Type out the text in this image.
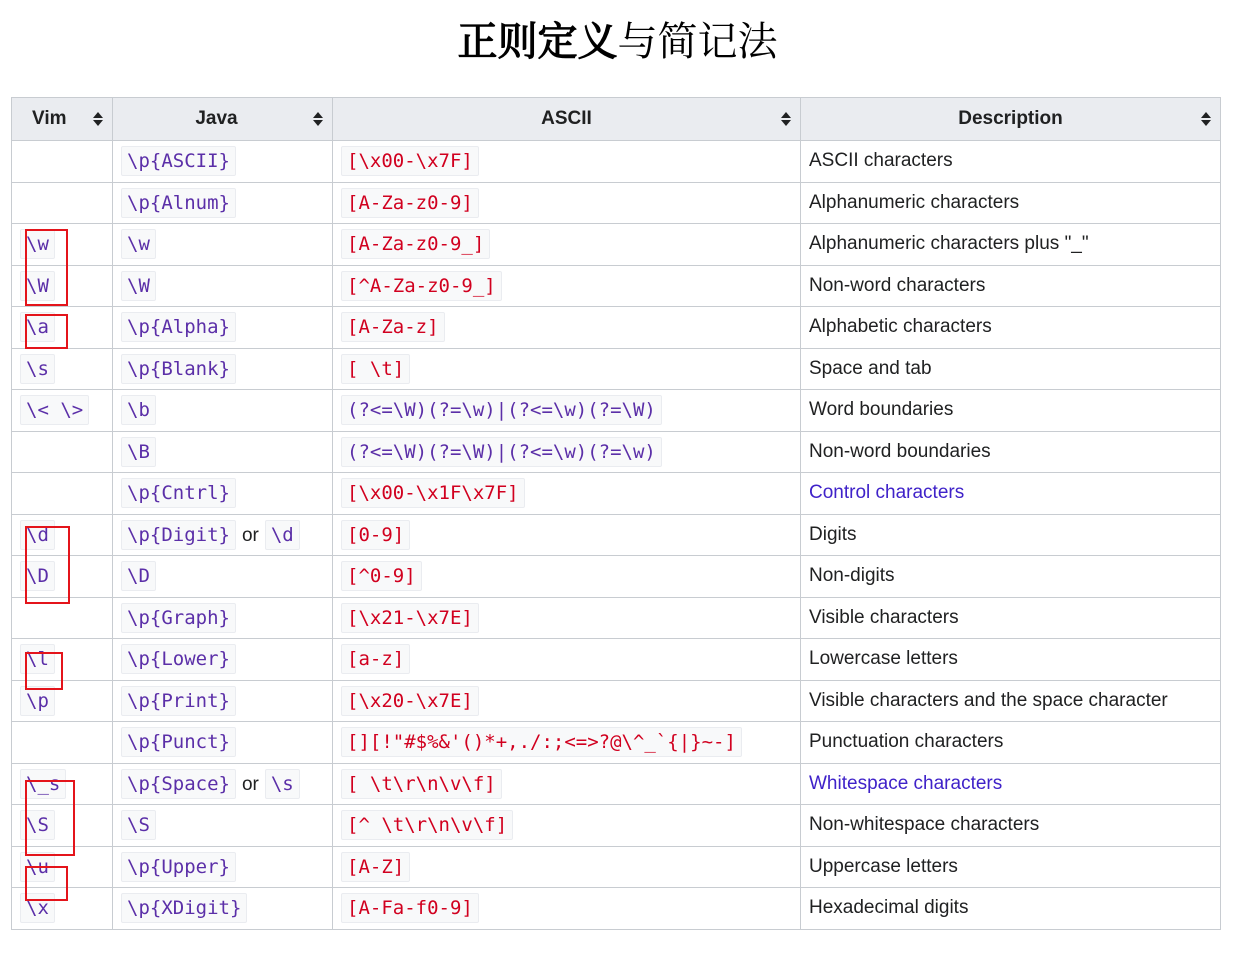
正则定义与简记法
Vim	Java	ASCII	Description

	\p{ASCII}	[\x00-\x7F]	ASCII characters
	\p{Alnum}	[A-Za-z0-9]	Alphanumeric characters
\w	\w	[A-Za-z0-9_]	Alphanumeric characters plus "_"
\W	\W	[^A-Za-z0-9_]	Non-word characters
\a	\p{Alpha}	[A-Za-z]	Alphabetic characters
\s	\p{Blank}	[ \t]	Space and tab
\< \>	\b	(?<=\W)(?=\w)|(?<=\w)(?=\W)	Word boundaries
	\B	(?<=\W)(?=\W)|(?<=\w)(?=\w)	Non-word boundaries
	\p{Cntrl}	[\x00-\x1F\x7F]	Control characters
\d	\p{Digit} or \d	[0-9]	Digits
\D	\D	[^0-9]	Non-digits
	\p{Graph}	[\x21-\x7E]	Visible characters
\l	\p{Lower}	[a-z]	Lowercase letters
\p	\p{Print}	[\x20-\x7E]	Visible characters and the space character
	\p{Punct}	[][!"#$%&'()*+,./:;<=>?@\^_`{|}~-]	Punctuation characters
\_s	\p{Space} or \s	[ \t\r\n\v\f]	Whitespace characters
\S	\S	[^ \t\r\n\v\f]	Non-whitespace characters
\u	\p{Upper}	[A-Z]	Uppercase letters
\x	\p{XDigit}	[A-Fa-f0-9]	Hexadecimal digits
